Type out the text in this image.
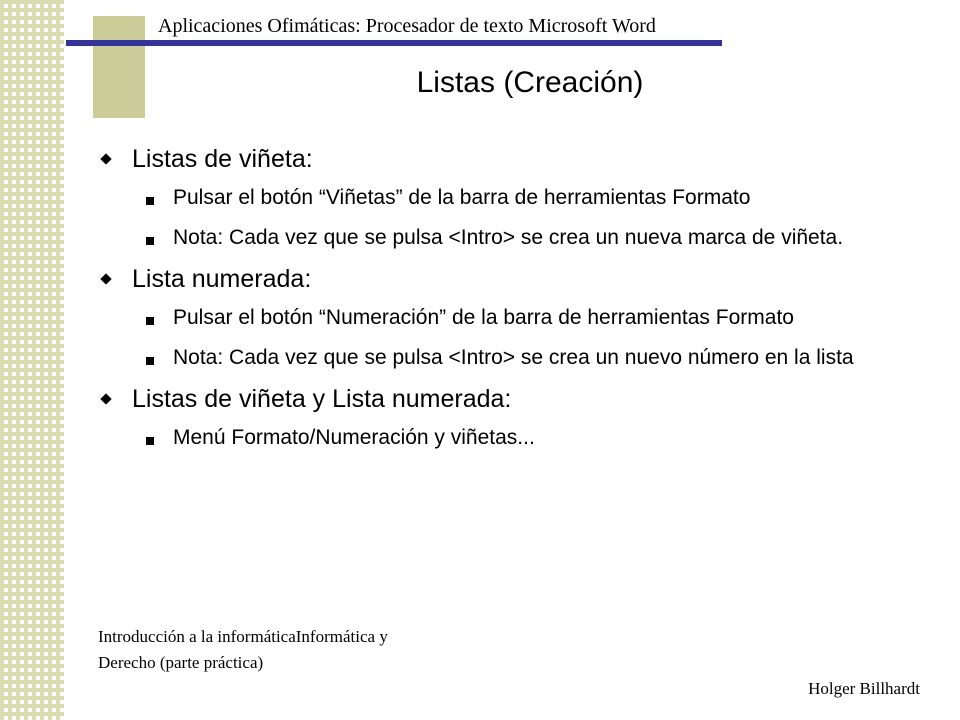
Aplicaciones Ofimáticas: Procesador de texto Microsoft Word
Listas (Creación)
Listas de viñeta:
Pulsar el botón “Viñetas” de la barra de herramientas Formato
Nota: Cada vez que se pulsa <Intro> se crea un nueva marca de viñeta.
Lista numerada:
Pulsar el botón “Numeración” de la barra de herramientas Formato
Nota: Cada vez que se pulsa <Intro> se crea un nuevo número en la lista
Listas de viñeta y Lista numerada:
Menú Formato/Numeración y viñetas...
Introducción a la informáticaInformática y Derecho (parte práctica)
Holger Billhardt
